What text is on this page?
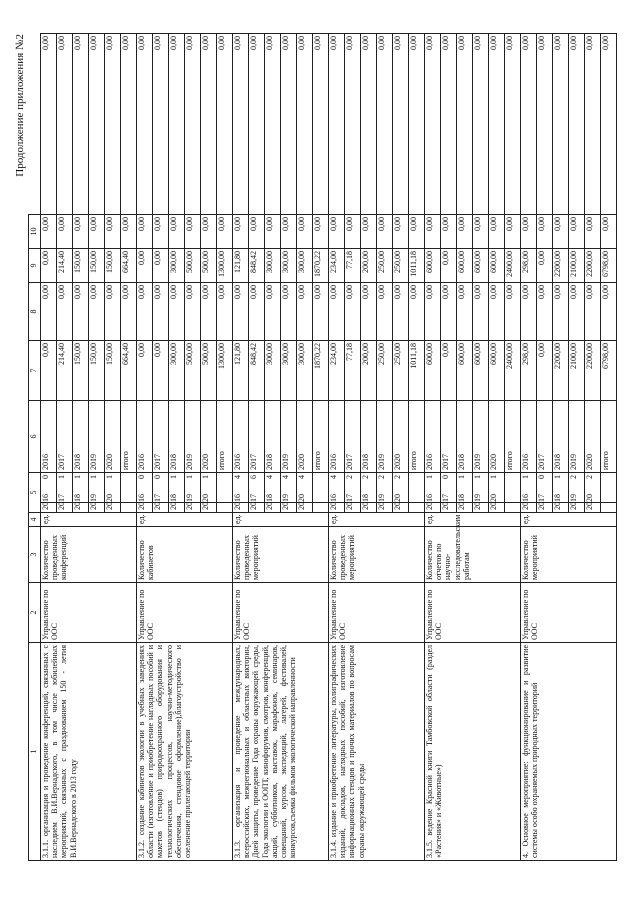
Продолжение приложения №2
1	2	3	4	5		6	7	8	9	10	
3.1.1. организация и проведение конференций, связанных с наследием В.И.Вернадского, в том числе юбилейных мероприятий, связанных с празднованием 150 - летия В.И.Вернадского в 2013 году	Управление по ООС	Количество проведенных конференций	ед.	2016	0	2016	0,00	0,00	0,00	0,00	0,00
				2017	1	2017	214,40	0,00	214,40	0,00	0,00
				2018	1	2018	150,00	0,00	150,00	0,00	0,00
				2019	1	2019	150,00	0,00	150,00	0,00	0,00
				2020	1	2020	150,00	0,00	150,00	0,00	0,00
						итого	664,40	0,00	664,40	0,00	0,00
3.1.2. создание кабинетов экологии в учебных заведениях области (изготовление и приобретение наглядных пособий и макетов (стендов) природоохранного оборудования и технологических процессов, научно-методического обеспечения, стендовое оформление),благоустройство и озеленение прилегающей территории	Управление по ООС	Количество кабинетов	ед.	2016	0	2016	0,00	0,00	0,00	0,00	0,00
				2017	0	2017	0,00	0,00	0,00	0,00	0,00
				2018	1	2018	300,00	0,00	300,00	0,00	0,00
				2019	1	2019	500,00	0,00	500,00	0,00	0,00
				2020	1	2020	500,00	0,00	500,00	0,00	0,00
						итого	1300,00	0,00	1300,00	0,00	0,00
3.1.3. организация и проведение международных, всероссийских, межрегиональных и областных викторин, Дней защиты, проведение Года охраны окружающей среды, Года экологии и ООПТ, кинофорумов, смотров, конференций, акций, субботников, выставок, марафонов, семинаров, совещаний, курсов, экспедиций, лагерей, фестивалей, конкурсов,съемка фильмов экологической направленности	Управление по ООС	Количество проведенных мероприятий	ед.	2016	4	2016	121,80	0,00	121,80	0,00	0,00
				2017	6	2017	848,42	0,00	848,42	0,00	0,00
				2018	4	2018	300,00	0,00	300,00	0,00	0,00
				2019	4	2019	300,00	0,00	300,00	0,00	0,00
				2020	4	2020	300,00	0,00	300,00	0,00	0,00
						итого	1870,22	0,00	1870,22	0,00	0,00
3.1.4. издание и приобретение литературы, полиграфических изданий, докладов, наглядных пособий, изготовление информационных стендов и прочих материалов по вопросам охраны окружающей среды	Управление по ООС	Количество проведенных мероприятий	ед.	2016	4	2016	234,00	0,00	234,00	0,00	0,00
				2017	2	2017	77,18	0,00	77,18	0,00	0,00
				2018	2	2018	200,00	0,00	200,00	0,00	0,00
				2019	2	2019	250,00	0,00	250,00	0,00	0,00
				2020	2	2020	250,00	0,00	250,00	0,00	0,00
						итого	1011,18	0,00	1011,18	0,00	0,00
3.1.5. ведение Красной книги Тамбовской области (раздел «Растения» и «Животные»)	Управление по ООС	Количество отчетов по научно-исследовательским работам	ед.	2016	1	2016	600,00	0,00	600,00	0,00	0,00
				2017	0	2017	0,00	0,00	0,00	0,00	0,00
				2018	1	2018	600,00	0,00	600,00	0,00	0,00
				2019	1	2019	600,00	0,00	600,00	0,00	0,00
				2020	1	2020	600,00	0,00	600,00	0,00	0,00
						итого	2400,00	0,00	2400,00	0,00	0,00
4. Основное мероприятие: функционирование и развитие системы особо охраняемых природных территорий	Управление по ООС	Количество мероприятий	ед.	2016	1	2016	298,00	0,00	298,00	0,00	0,00
				2017	0	2017	0,00	0,00	0,00	0,00	0,00
				2018	1	2018	2200,00	0,00	2200,00	0,00	0,00
				2019	2	2019	2100,00	0,00	2100,00	0,00	0,00
				2020	2	2020	2200,00	0,00	2200,00	0,00	0,00
						итого	6798,00	0,00	6798,00	0,00	0,00
